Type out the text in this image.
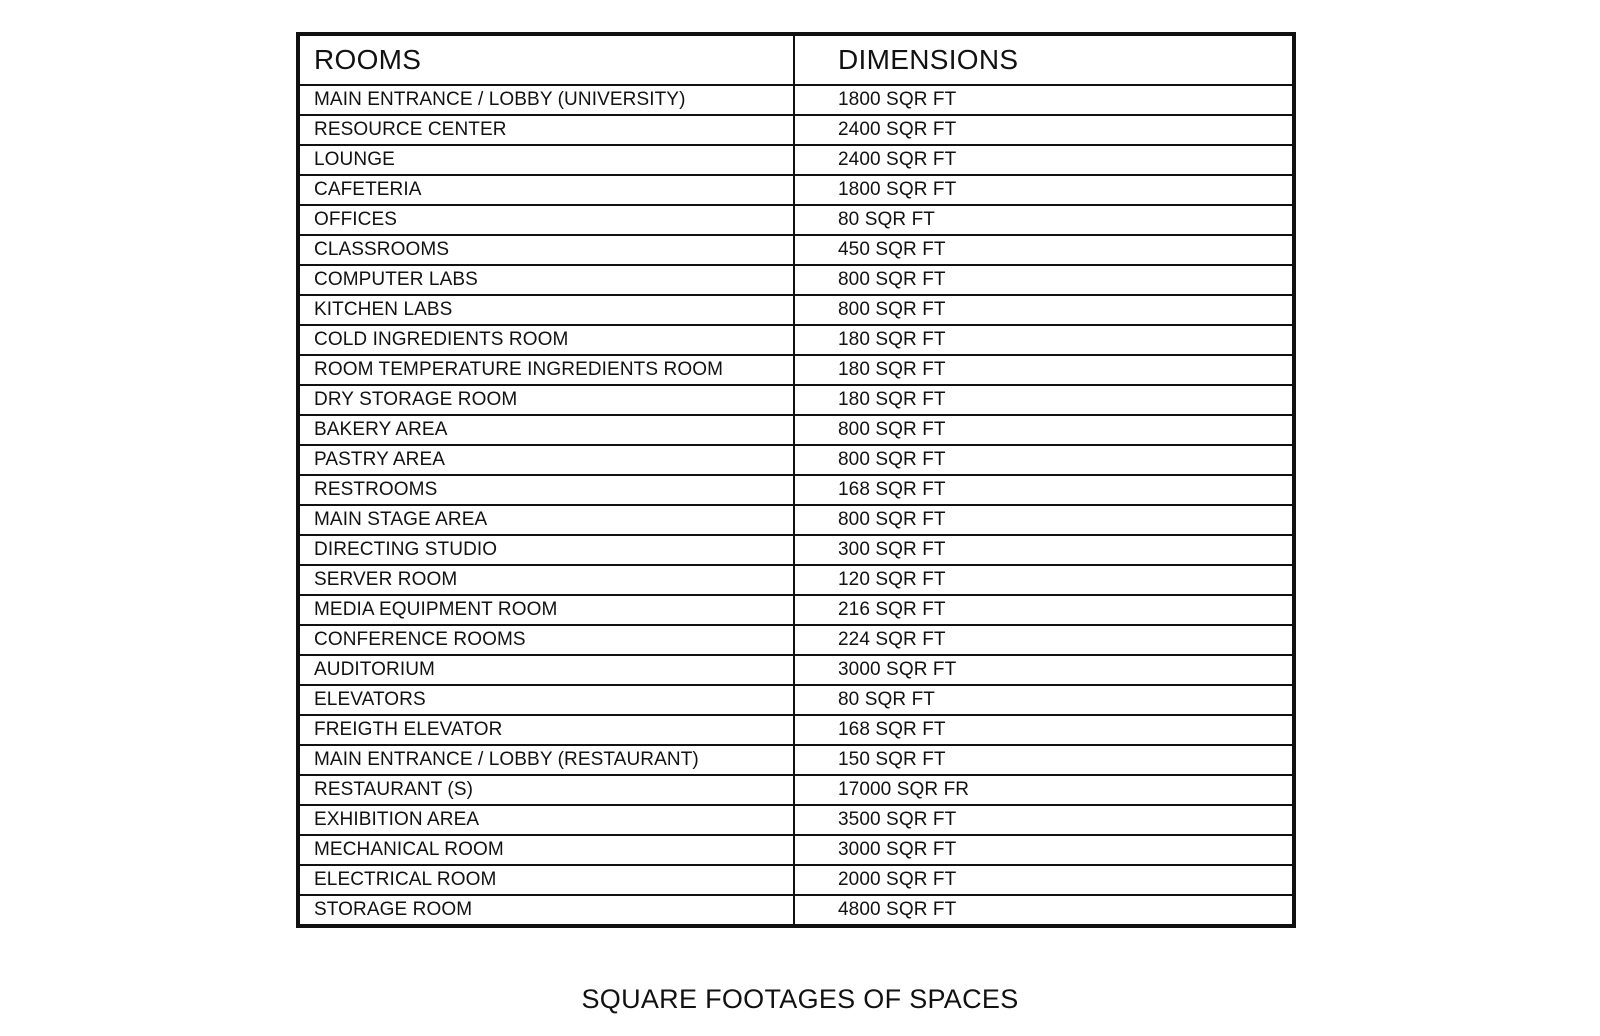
ROOMS	DIMENSIONS
MAIN ENTRANCE / LOBBY (UNIVERSITY)	1800 SQR FT
RESOURCE CENTER	2400 SQR FT
LOUNGE	2400 SQR FT
CAFETERIA	1800 SQR FT
OFFICES	80 SQR FT
CLASSROOMS	450 SQR FT
COMPUTER LABS	800 SQR FT
KITCHEN LABS	800 SQR FT
COLD INGREDIENTS ROOM	180 SQR FT
ROOM TEMPERATURE INGREDIENTS ROOM	180 SQR FT
DRY STORAGE ROOM	180 SQR FT
BAKERY AREA	800 SQR FT
PASTRY AREA	800 SQR FT
RESTROOMS	168 SQR FT
MAIN STAGE AREA	800 SQR FT
DIRECTING STUDIO	300 SQR FT
SERVER ROOM	120 SQR FT
MEDIA EQUIPMENT ROOM	216 SQR FT
CONFERENCE ROOMS	224 SQR FT
AUDITORIUM	3000 SQR FT
ELEVATORS	80 SQR FT
FREIGTH ELEVATOR	168 SQR FT
MAIN ENTRANCE / LOBBY (RESTAURANT)	150 SQR FT
RESTAURANT (S)	17000 SQR FR
EXHIBITION AREA	3500 SQR FT
MECHANICAL ROOM	3000 SQR FT
ELECTRICAL ROOM	2000 SQR FT
STORAGE ROOM	4800 SQR FT
SQUARE FOOTAGES OF SPACES
